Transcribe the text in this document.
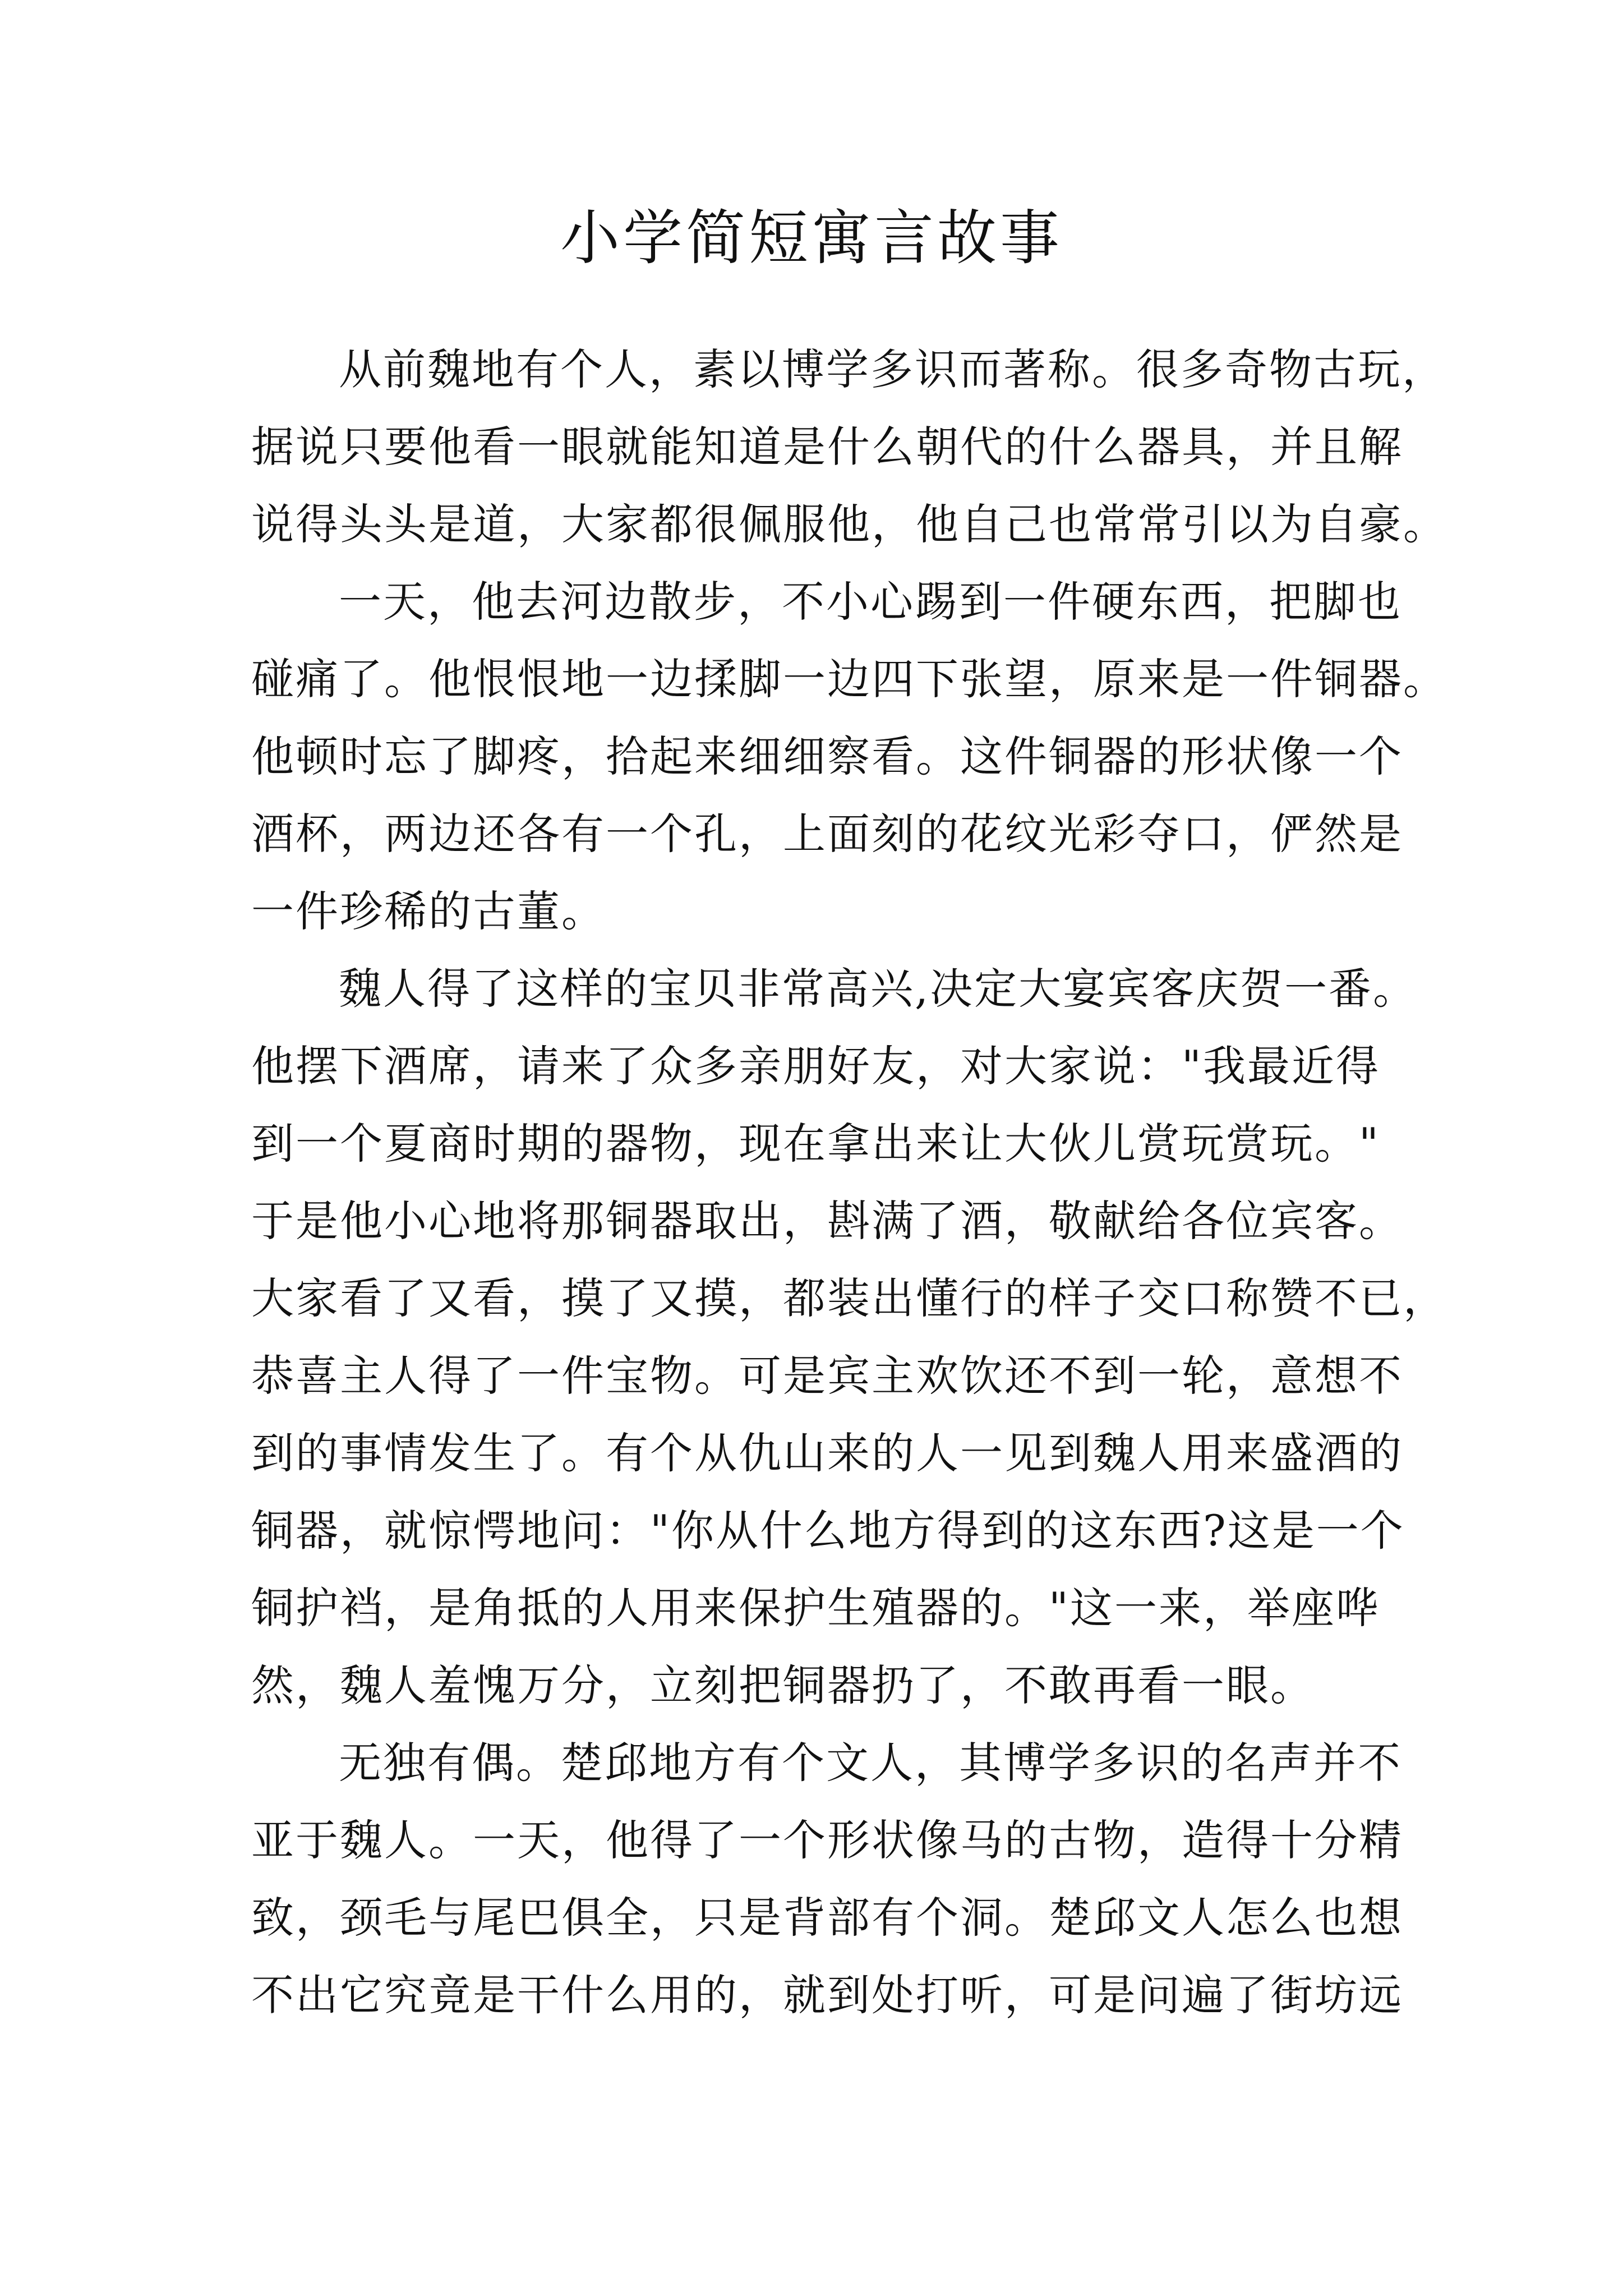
小学简短寓言故事
从前魏地有个人，素以博学多识而著称。很多奇物古玩，
据说只要他看一眼就能知道是什么朝代的什么器具，并且解
说得头头是道，大家都很佩服他，他自己也常常引以为自豪。
一天，他去河边散步，不小心踢到一件硬东西，把脚也
碰痛了。他恨恨地一边揉脚一边四下张望，原来是一件铜器。
他顿时忘了脚疼，拾起来细细察看。这件铜器的形状像一个
酒杯，两边还各有一个孔，上面刻的花纹光彩夺口，俨然是
一件珍稀的古董。
魏人得了这样的宝贝非常高兴,决定大宴宾客庆贺一番。
他摆下酒席，请来了众多亲朋好友，对大家说："我最近得
到一个夏商时期的器物，现在拿出来让大伙儿赏玩赏玩。"
于是他小心地将那铜器取出，斟满了酒，敬献给各位宾客。
大家看了又看，摸了又摸，都装出懂行的样子交口称赞不已，
恭喜主人得了一件宝物。可是宾主欢饮还不到一轮，意想不
到的事情发生了。有个从仇山来的人一见到魏人用来盛酒的
铜器，就惊愕地问："你从什么地方得到的这东西?这是一个
铜护裆，是角抵的人用来保护生殖器的。"这一来，举座哗
然，魏人羞愧万分，立刻把铜器扔了，不敢再看一眼。
无独有偶。楚邱地方有个文人，其博学多识的名声并不
亚于魏人。一天，他得了一个形状像马的古物，造得十分精
致，颈毛与尾巴俱全，只是背部有个洞。楚邱文人怎么也想
不出它究竟是干什么用的，就到处打听，可是问遍了街坊远
